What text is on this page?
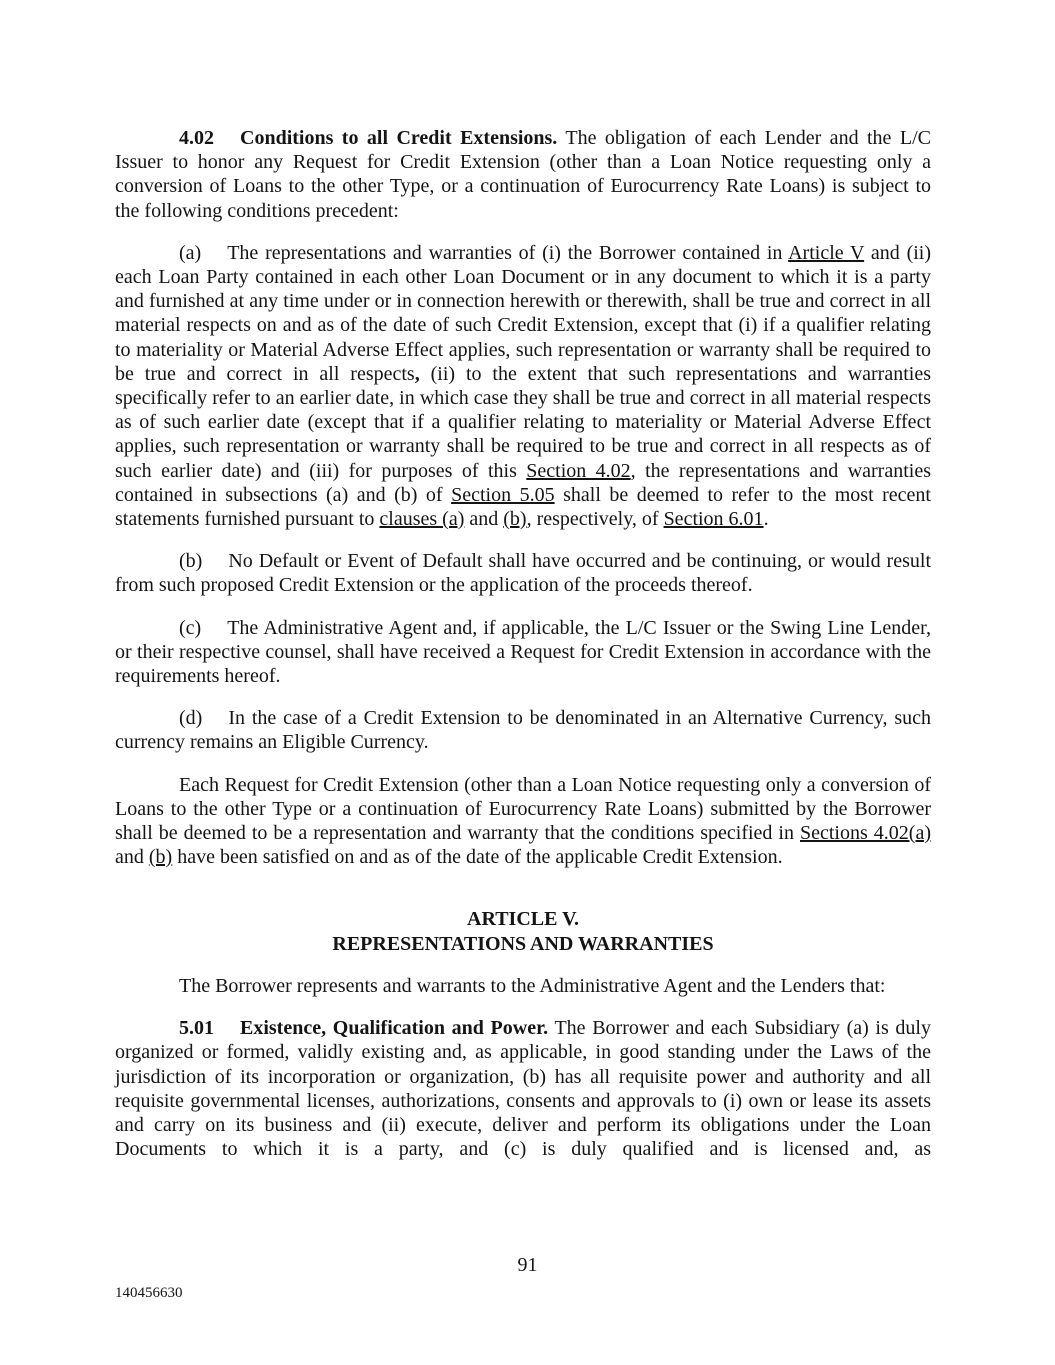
4.02 Conditions to all Credit Extensions. The obligation of each Lender and the L/C Issuer to honor any Request for Credit Extension (other than a Loan Notice requesting only a conversion of Loans to the other Type, or a continuation of Eurocurrency Rate Loans) is subject to the following conditions precedent:

(a) The representations and warranties of (i) the Borrower contained in Article V and (ii) each Loan Party contained in each other Loan Document or in any document to which it is a party and furnished at any time under or in connection herewith or therewith, shall be true and correct in all material respects on and as of the date of such Credit Extension, except that (i) if a qualifier relating to materiality or Material Adverse Effect applies, such representation or warranty shall be required to be true and correct in all respects, (ii) to the extent that such representations and warranties specifically refer to an earlier date, in which case they shall be true and correct in all material respects as of such earlier date (except that if a qualifier relating to materiality or Material Adverse Effect applies, such representation or warranty shall be required to be true and correct in all respects as of such earlier date) and (iii) for purposes of this Section 4.02, the representations and warranties contained in subsections (a) and (b) of Section 5.05 shall be deemed to refer to the most recent statements furnished pursuant to clauses (a) and (b), respectively, of Section 6.01.

(b) No Default or Event of Default shall have occurred and be continuing, or would result from such proposed Credit Extension or the application of the proceeds thereof.

(c) The Administrative Agent and, if applicable, the L/C Issuer or the Swing Line Lender, or their respective counsel, shall have received a Request for Credit Extension in accordance with the requirements hereof.

(d) In the case of a Credit Extension to be denominated in an Alternative Currency, such currency remains an Eligible Currency.

Each Request for Credit Extension (other than a Loan Notice requesting only a conversion of Loans to the other Type or a continuation of Eurocurrency Rate Loans) submitted by the Borrower shall be deemed to be a representation and warranty that the conditions specified in Sections 4.02(a) and (b) have been satisfied on and as of the date of the applicable Credit Extension.

ARTICLE V.
REPRESENTATIONS AND WARRANTIES

The Borrower represents and warrants to the Administrative Agent and the Lenders that:

5.01 Existence, Qualification and Power. The Borrower and each Subsidiary (a) is duly organized or formed, validly existing and, as applicable, in good standing under the Laws of the jurisdiction of its incorporation or organization, (b) has all requisite power and authority and all requisite governmental licenses, authorizations, consents and approvals to (i) own or lease its assets and carry on its business and (ii) execute, deliver and perform its obligations under the Loan Documents to which it is a party, and (c) is duly qualified and is licensed and, as

91
140456630
